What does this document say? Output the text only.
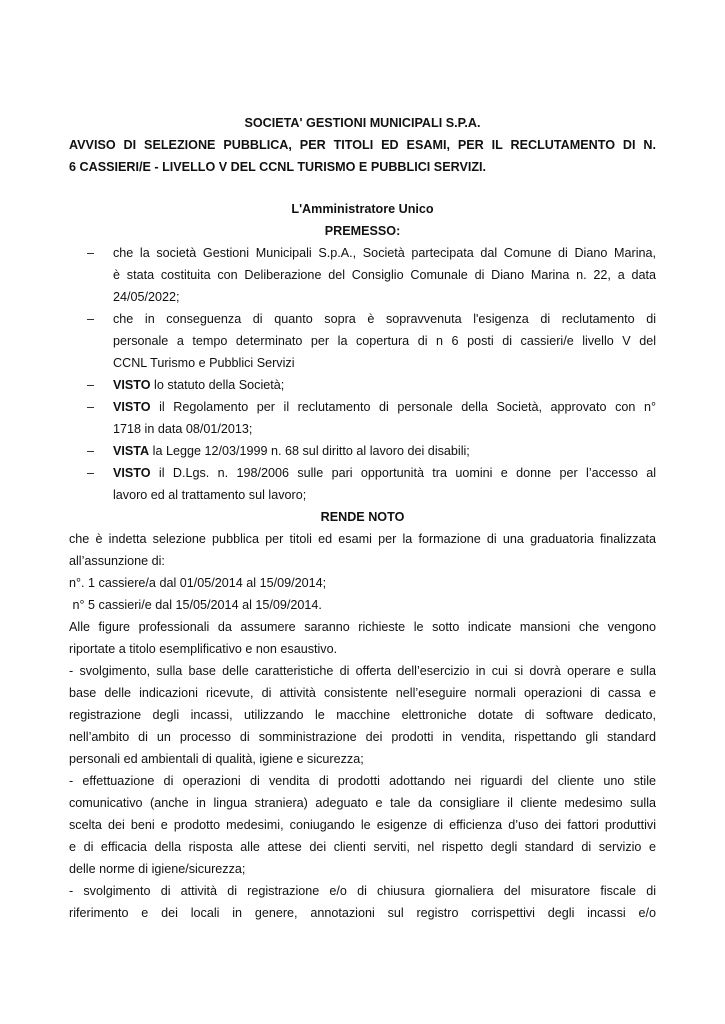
SOCIETA' GESTIONI MUNICIPALI S.P.A.
AVVISO DI SELEZIONE PUBBLICA, PER TITOLI ED ESAMI, PER IL RECLUTAMENTO DI N.
6 CASSIERI/E - LIVELLO V DEL CCNL TURISMO E PUBBLICI SERVIZI.
L'Amministratore Unico
PREMESSO:
– che la società Gestioni Municipali S.p.A., Società partecipata dal Comune di Diano Marina,
è stata costituita con Deliberazione del Consiglio Comunale di Diano Marina n. 22, a data
24/05/2022;
– che in conseguenza di quanto sopra è sopravvenuta l'esigenza di reclutamento di
personale a tempo determinato per la copertura di n 6 posti di cassieri/e livello V del
CCNL Turismo e Pubblici Servizi
– VISTO lo statuto della Società;
– VISTO il Regolamento per il reclutamento di personale della Società, approvato con n°
1718 in data 08/01/2013;
– VISTA la Legge 12/03/1999 n. 68 sul diritto al lavoro dei disabili;
– VISTO il D.Lgs. n. 198/2006 sulle pari opportunità tra uomini e donne per l’accesso al
lavoro ed al trattamento sul lavoro;
RENDE NOTO
che è indetta selezione pubblica per titoli ed esami per la formazione di una graduatoria finalizzata
all’assunzione di:
n°. 1 cassiere/a dal 01/05/2014 al 15/09/2014;
n° 5 cassieri/e dal 15/05/2014 al 15/09/2014.
Alle figure professionali da assumere saranno richieste le sotto indicate mansioni che vengono
riportate a titolo esemplificativo e non esaustivo.
- svolgimento, sulla base delle caratteristiche di offerta dell’esercizio in cui si dovrà operare e sulla
base delle indicazioni ricevute, di attività consistente nell’eseguire normali operazioni di cassa e
registrazione degli incassi, utilizzando le macchine elettroniche dotate di software dedicato,
nell’ambito di un processo di somministrazione dei prodotti in vendita, rispettando gli standard
personali ed ambientali di qualità, igiene e sicurezza;
- effettuazione di operazioni di vendita di prodotti adottando nei riguardi del cliente uno stile
comunicativo (anche in lingua straniera) adeguato e tale da consigliare il cliente medesimo sulla
scelta dei beni e prodotto medesimi, coniugando le esigenze di efficienza d’uso dei fattori produttivi
e di efficacia della risposta alle attese dei clienti serviti, nel rispetto degli standard di servizio e
delle norme di igiene/sicurezza;
- svolgimento di attività di registrazione e/o di chiusura giornaliera del misuratore fiscale di
riferimento e dei locali in genere, annotazioni sul registro corrispettivi degli incassi e/o
